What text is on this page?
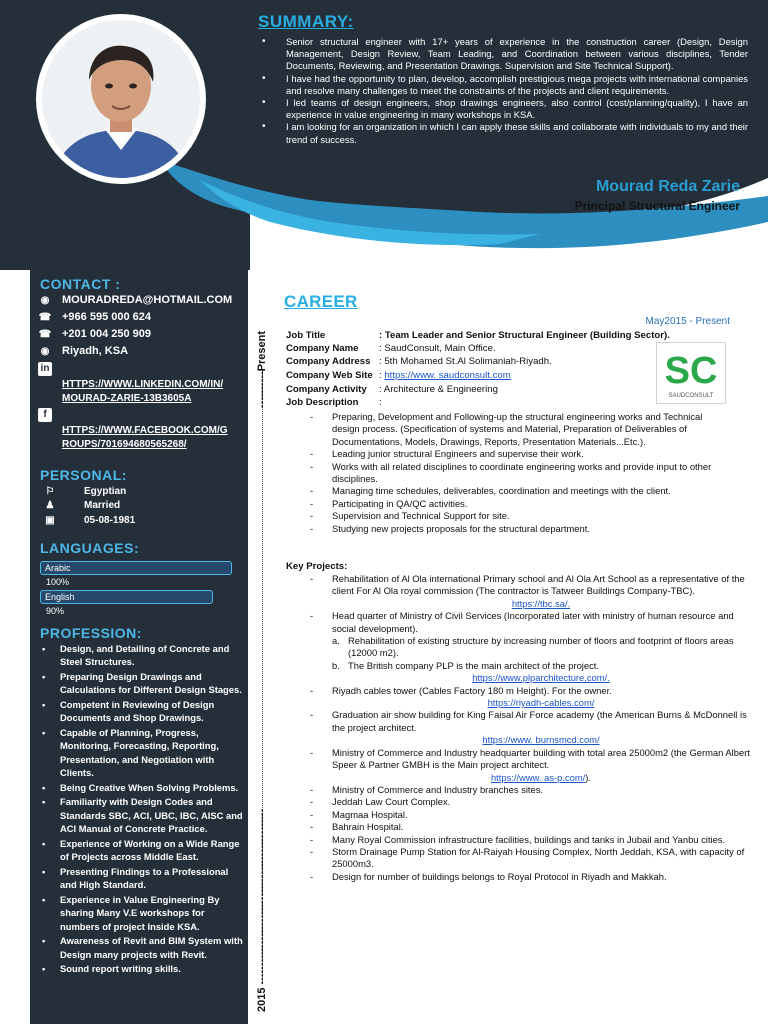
SUMMARY:
• Senior structural engineer with 17+ years of experience in the construction career (Design, Design Management, Design Review, Team Leading, and Coordination between various disciplines, Tender Documents, Reviewing, and Presentation Drawings. Supervision and Site Technical Support).
• I have had the opportunity to plan, develop, accomplish prestigious mega projects with international companies and resolve many challenges to meet the constraints of the projects and client requirements.
• I led teams of design engineers, shop drawings engineers, also control (cost/planning/quality), I have an experience in value engineering in many workshops in KSA.
• I am looking for an organization in which I can apply these skills and collaborate with individuals to my and their trend of success.
Mourad Reda Zarie
Principal Structural Engineer
CONTACT :
◉ MOURADREDA@HOTMAIL.COM
☎ +966 595 000 624
☎ +201 004 250 909
◉ Riyadh, KSA
in
HTTPS://WWW.LINKEDIN.COM/IN/
MOURAD-ZARIE-13B3605A
f
HTTPS://WWW.FACEBOOK.COM/G
ROUPS/701694680565268/
PERSONAL:
⚐	Egyptian
♟	Married
▣	05-08-1981
LANGUAGES:
Arabic
100%
English
90%
PROFESSION:
• Design, and Detailing of Concrete and Steel Structures.
• Preparing Design Drawings and Calculations for Different Design Stages.
• Competent in Reviewing of Design Documents and Shop Drawings.
• Capable of Planning, Progress, Monitoring, Forecasting, Reporting, Presentation, and Negotiation with Clients.
• Being Creative When Solving Problems.
• Familiarity with Design Codes and Standards SBC, ACI, UBC, IBC, AISC and ACI Manual of Concrete Practice.
• Experience of Working on a Wide Range of Projects across Middle East.
• Presenting Findings to a Professional and High Standard.
• Experience in Value Engineering By sharing Many V.E workshops for numbers of project Inside KSA.
• Awareness of Revit and BIM System with Design many projects with Revit.
• Sound report writing skills.
----------Present
2015 ------------------------------------------------
CAREER
May2015 - Present
Job Title	: Team Leader and Senior Structural Engineer (Building Sector).
Company Name : SaudConsult, Main Office.
Company Address : 5th Mohamed St.Al Solimaniah-Riyadh.
Company Web Site : https://www. saudconsult.com
Company Activity : Architecture & Engineering
Job Description :
SC
SAUDCONSULT
- Preparing, Development and Following-up the structural engineering works and Technical design process. (Specification of systems and Material, Preparation of Deliverables of Documentations, Models, Drawings, Reports, Presentation Materials...Etc.).
- Leading junior structural Engineers and supervise their work.
- Works with all related disciplines to coordinate engineering works and provide input to other disciplines.
- Managing time schedules, deliverables, coordination and meetings with the client.
- Participating in QA/QC activities.
- Supervision and Technical Support for site.
- Studying new projects proposals for the structural department.
Key Projects:
- Rehabilitation of Al Ola international Primary school and Al Ola Art School as a representative of the client For Al Ola royal commission (The contractor is Tatweer Buildings Company-TBC).
https://tbc.sa/.
- Head quarter of Ministry of Civil Services (Incorporated later with ministry of human resource and social development).
a. Rehabilitation of existing structure by increasing number of floors and footprint of floors areas (12000 m2).
b. The British company PLP is the main architect of the project.
https://www.plparchitecture.com/.
- Riyadh cables tower (Cables Factory 180 m Height). For the owner.
https://riyadh-cables.com/
- Graduation air show building for King Faisal Air Force academy (the American Burns & McDonnell is the project architect.
https://www. burnsmcd.com/
- Ministry of Commerce and Industry headquarter building with total area 25000m2 (the German Albert Speer & Partner GMBH is the Main project architect.
https://www. as-p.com/).
- Ministry of Commerce and Industry branches sites.
- Jeddah Law Court Complex.
- Magmaa Hospital.
- Bahrain Hospital.
- Many Royal Commission infrastructure facilities, buildings and tanks in Jubail and Yanbu cities.
- Storm Drainage Pump Station for Al-Raiyah Housing Complex, North Jeddah, KSA, with capacity of 25000m3.
- Design for number of buildings belongs to Royal Protocol in Riyadh and Makkah.
